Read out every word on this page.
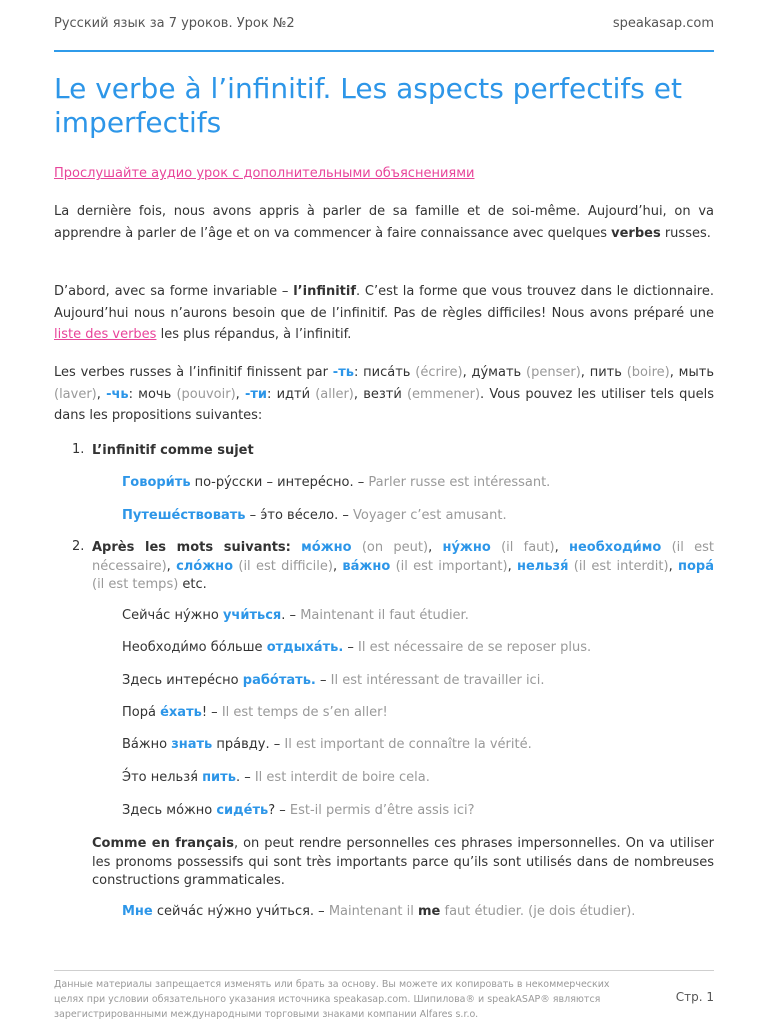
Русский язык за 7 уроков. Урок №2	speakasap.com
Le verbe à l’infinitif. Les aspects perfectifs et imperfectifs
Прослушайте аудио урок с дополнительными объяснениями

La dernière fois, nous avons appris à parler de sa famille et de soi-même. Aujourd’hui, on va apprendre à parler de l’âge et on va commencer à faire connaissance avec quelques verbes russes.

D’abord, avec sa forme invariable – l’infinitif. C’est la forme que vous trouvez dans le dictionnaire. Aujourd’hui nous n’aurons besoin que de l’infinitif. Pas de règles difficiles! Nous avons préparé une liste des verbes les plus répandus, à l’infinitif.

Les verbes russes à l’infinitif finissent par -ть: писа́ть (écrire), ду́мать (penser), пить (boire), мыть (laver), -чь: мочь (pouvoir), -ти: идти́ (aller), везти́ (emmener). Vous pouvez les utiliser tels quels dans les propositions suivantes:

1. L’infinitif comme sujet
Говори́ть по-ру́сски – интере́сно. – Parler russe est intéressant.
Путеше́ствовать – э́то ве́село. – Voyager c’est amusant.
2. Après les mots suivants: мо́жно (on peut), ну́жно (il faut), необходи́мо (il est nécessaire), сло́жно (il est difficile), ва́жно (il est important), нельзя́ (il est interdit), пора́ (il est temps) etc.

Сейча́с ну́жно учи́ться. – Maintenant il faut étudier.
Необходи́мо бо́льше отдыха́ть. – Il est nécessaire de se reposer plus.
Здесь интере́сно рабо́тать. – Il est intéressant de travailler ici.
Пора́ е́хать! – Il est temps de s’en aller!
Ва́жно знать пра́вду. – Il est important de connaître la vérité.
Э́то нельзя́ пить. – Il est interdit de boire cela.
Здесь мо́жно сиде́ть? – Est-il permis d’être assis ici?

Comme en français, on peut rendre personnelles ces phrases impersonnelles. On va utiliser les pronoms possessifs qui sont très importants parce qu’ils sont utilisés dans de nombreuses constructions grammaticales.

Мне сейча́с ну́жно учи́ться. – Maintenant il me faut étudier. (je dois étudier).
Данные материалы запрещается изменять или брать за основу. Вы можете их копировать в некоммерческих целях при условии обязательного указания источника speakasap.com. Шипилова® и speakASAP® являются зарегистрированными международными торговыми знаками компании Alfares s.r.o.
Стр. 1
